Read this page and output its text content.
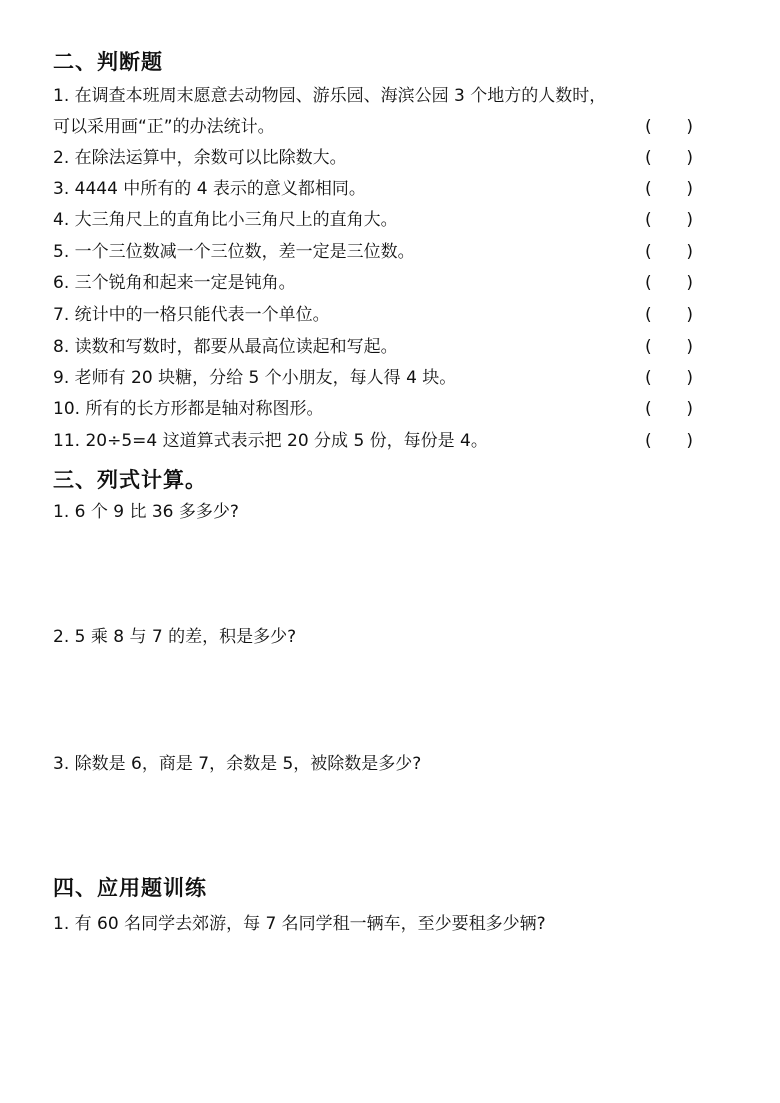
二、判断题
1. 在调查本班周末愿意去动物园、游乐园、海滨公园 3 个地方的人数时，
可以采用画“正”的办法统计。	( )
2. 在除法运算中，余数可以比除数大。	( )
3. 4444 中所有的 4 表示的意义都相同。	( )
4. 大三角尺上的直角比小三角尺上的直角大。	( )
5. 一个三位数减一个三位数，差一定是三位数。	( )
6. 三个锐角和起来一定是钝角。	( )
7. 统计中的一格只能代表一个单位。	( )
8. 读数和写数时，都要从最高位读起和写起。	( )
9. 老师有 20 块糖，分给 5 个小朋友，每人得 4 块。	( )
10. 所有的长方形都是轴对称图形。	( )
11. 20÷5=4 这道算式表示把 20 分成 5 份，每份是 4。	( )
三、列式计算。
1. 6 个 9 比 36 多多少?
2. 5 乘 8 与 7 的差，积是多少?
3. 除数是 6，商是 7，余数是 5，被除数是多少?
四、应用题训练
1. 有 60 名同学去郊游，每 7 名同学租一辆车，至少要租多少辆?
